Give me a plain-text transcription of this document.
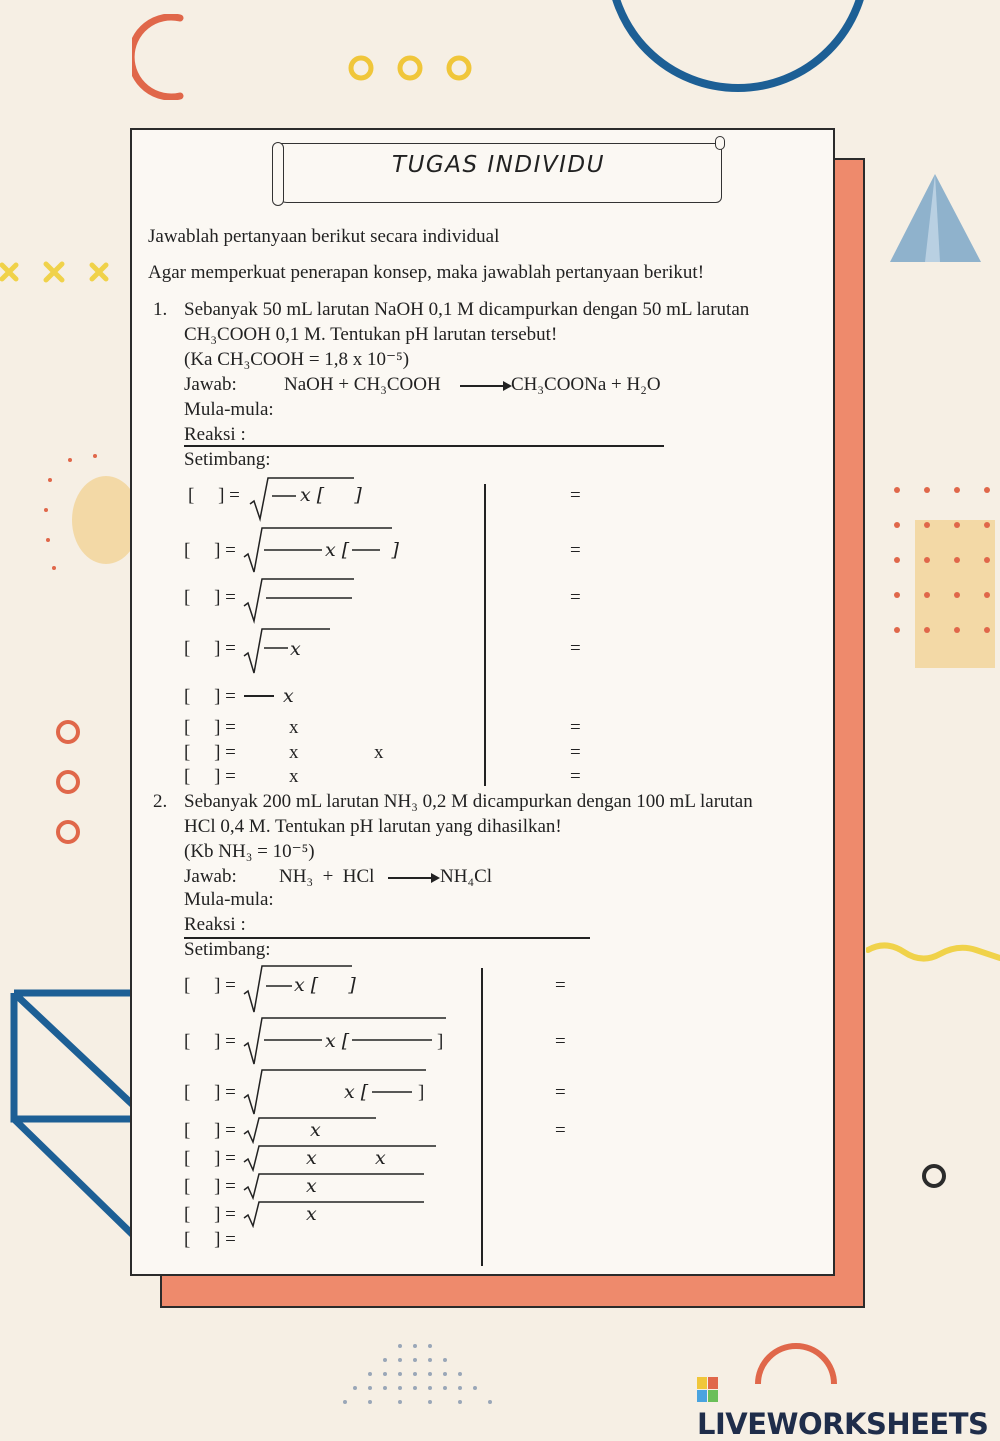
TUGAS INDIVIDU
Jawablah pertanyaan berikut secara individual
Agar memperkuat penerapan konsep, maka jawablah pertanyaan berikut!
1. Sebanyak 50 mL larutan NaOH 0,1 M dicampurkan dengan 50 mL larutan
CH₃COOH 0,1 M. Tentukan pH larutan tersebut!
(Ka CH₃COOH = 1,8 x 10⁻⁵)
Jawab: NaOH + CH₃COOH	CH₃COONa + H₂O
Mula-mula:
Reaksi :
Setimbang:
[     ] =	x [     ]	=
[     ] =	x [       ]	=
[     ] =	=
[     ] =	x	=
[     ] = x
[     ] =	x	=
[     ] =	x	x	=
[     ] =	x	=
2. Sebanyak 200 mL larutan NH₃ 0,2 M dicampurkan dengan 100 mL larutan
HCl 0,4 M. Tentukan pH larutan yang dihasilkan!
(Kb NH₃ = 10⁻⁵)
Jawab: NH₃  +  HCl	NH₄Cl
Mula-mula:
Reaksi :
Setimbang:
[     ] =	x [     ]	=
[     ] =	x [	]	=
[     ] =	x [	]	=
[     ] =	x	=
[     ] =	x	x
[     ] =	x
[     ] =	x
[     ] =
LIVEWORKSHEETS
